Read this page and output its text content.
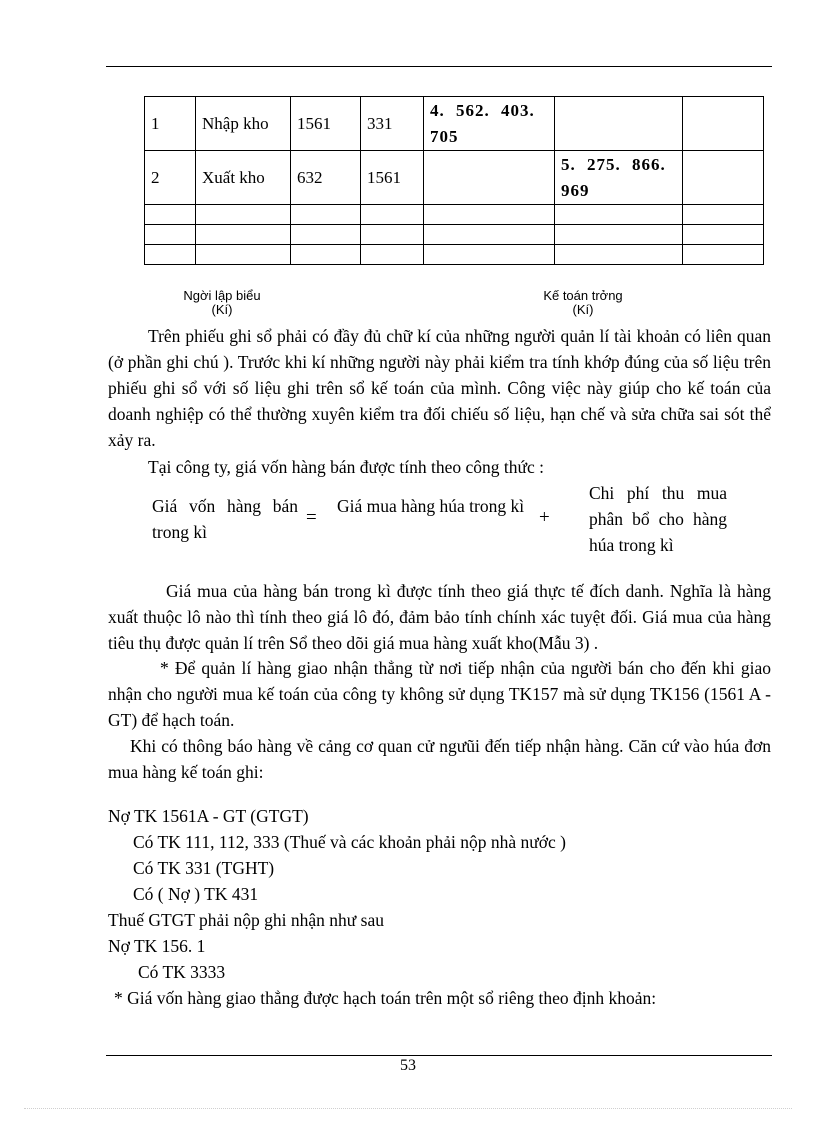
1	Nhập kho	1561	331	4. 562. 403. 705		
2	Xuất kho	632	1561		5. 275. 866. 969	

Ngời lập biểu
(Kí)
Kế toán trởng
(Kí)

Trên phiếu ghi sổ phải có đầy đủ chữ kí của những người quản lí tài khoản có liên quan (ở phần ghi chú ). Trước khi kí những người này phải kiểm tra tính khớp đúng của số liệu trên phiếu ghi sổ với số liệu ghi trên sổ kế toán của mình. Công việc này giúp cho kế toán của doanh nghiệp có thể thường xuyên kiểm tra đối chiếu số liệu, hạn chế và sửa chữa sai sót thể xảy ra.

Tại công ty, giá vốn hàng bán được tính theo công thức :

Giá vốn hàng bán trong kì

=

Giá mua hàng húa trong kì

+

Chi phí thu mua phân bổ cho hàng húa trong kì

Giá mua của hàng bán trong kì được tính theo giá thực tế đích danh. Nghĩa là hàng xuất thuộc lô nào thì tính theo giá lô đó, đảm bảo tính chính xác tuyệt đối. Giá mua của hàng tiêu thụ được quản lí trên Sổ theo dõi giá mua hàng xuất kho(Mẫu 3) .

* Để quản lí hàng giao nhận thẳng từ nơi tiếp nhận của người bán cho đến khi giao nhận cho người mua kế toán của công ty không sử dụng TK157 mà sử dụng TK156 (1561 A - GT) để hạch toán.

Khi có thông báo hàng về cảng cơ quan cử ngưũi đến tiếp nhận hàng. Căn cứ vào húa đơn mua hàng kế toán ghi:

Nợ TK 1561A - GT (GTGT)

Có TK 111, 112, 333 (Thuế và các khoản phải nộp nhà nước )

Có TK 331 (TGHT)

Có ( Nợ ) TK 431

Thuế GTGT phải nộp ghi nhận như sau

Nợ TK 156. 1

Có TK 3333

* Giá vốn hàng giao thẳng được hạch toán trên một sổ riêng theo định khoản:

53
